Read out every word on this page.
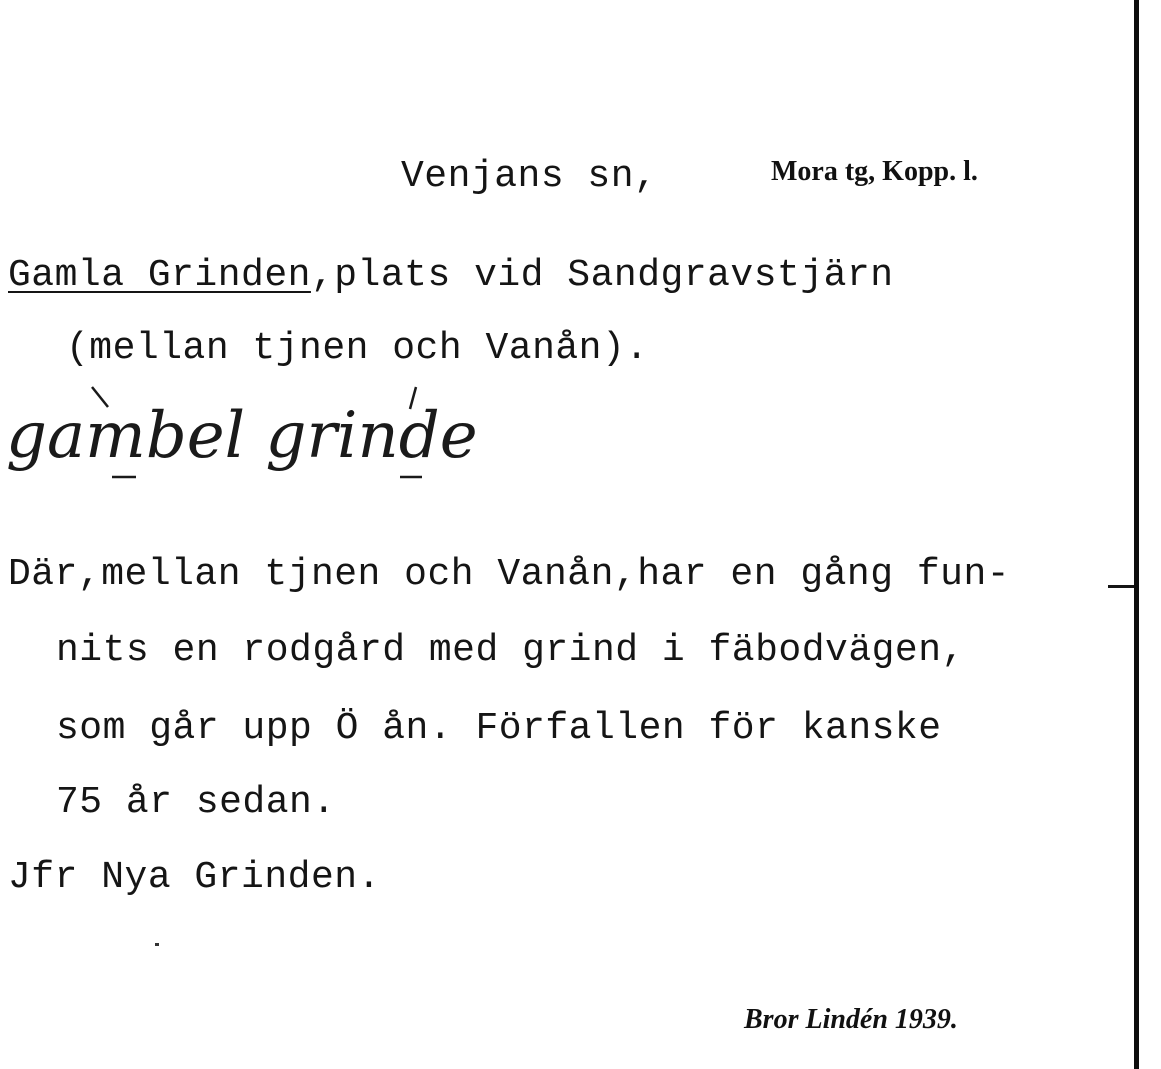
Venjans sn,	Mora tg, Kopp. l.
Gamla Grinden,plats vid Sandgravstjärn
(mellan tjnen och Vanån).
gambel grinde
Där,mellan tjnen och Vanån,har en gång fun-
nits en rodgård med grind i fäbodvägen,
som går upp Ö ån. Förfallen för kanske
75 år sedan.
Jfr Nya Grinden.
Bror Lindén 1939.
